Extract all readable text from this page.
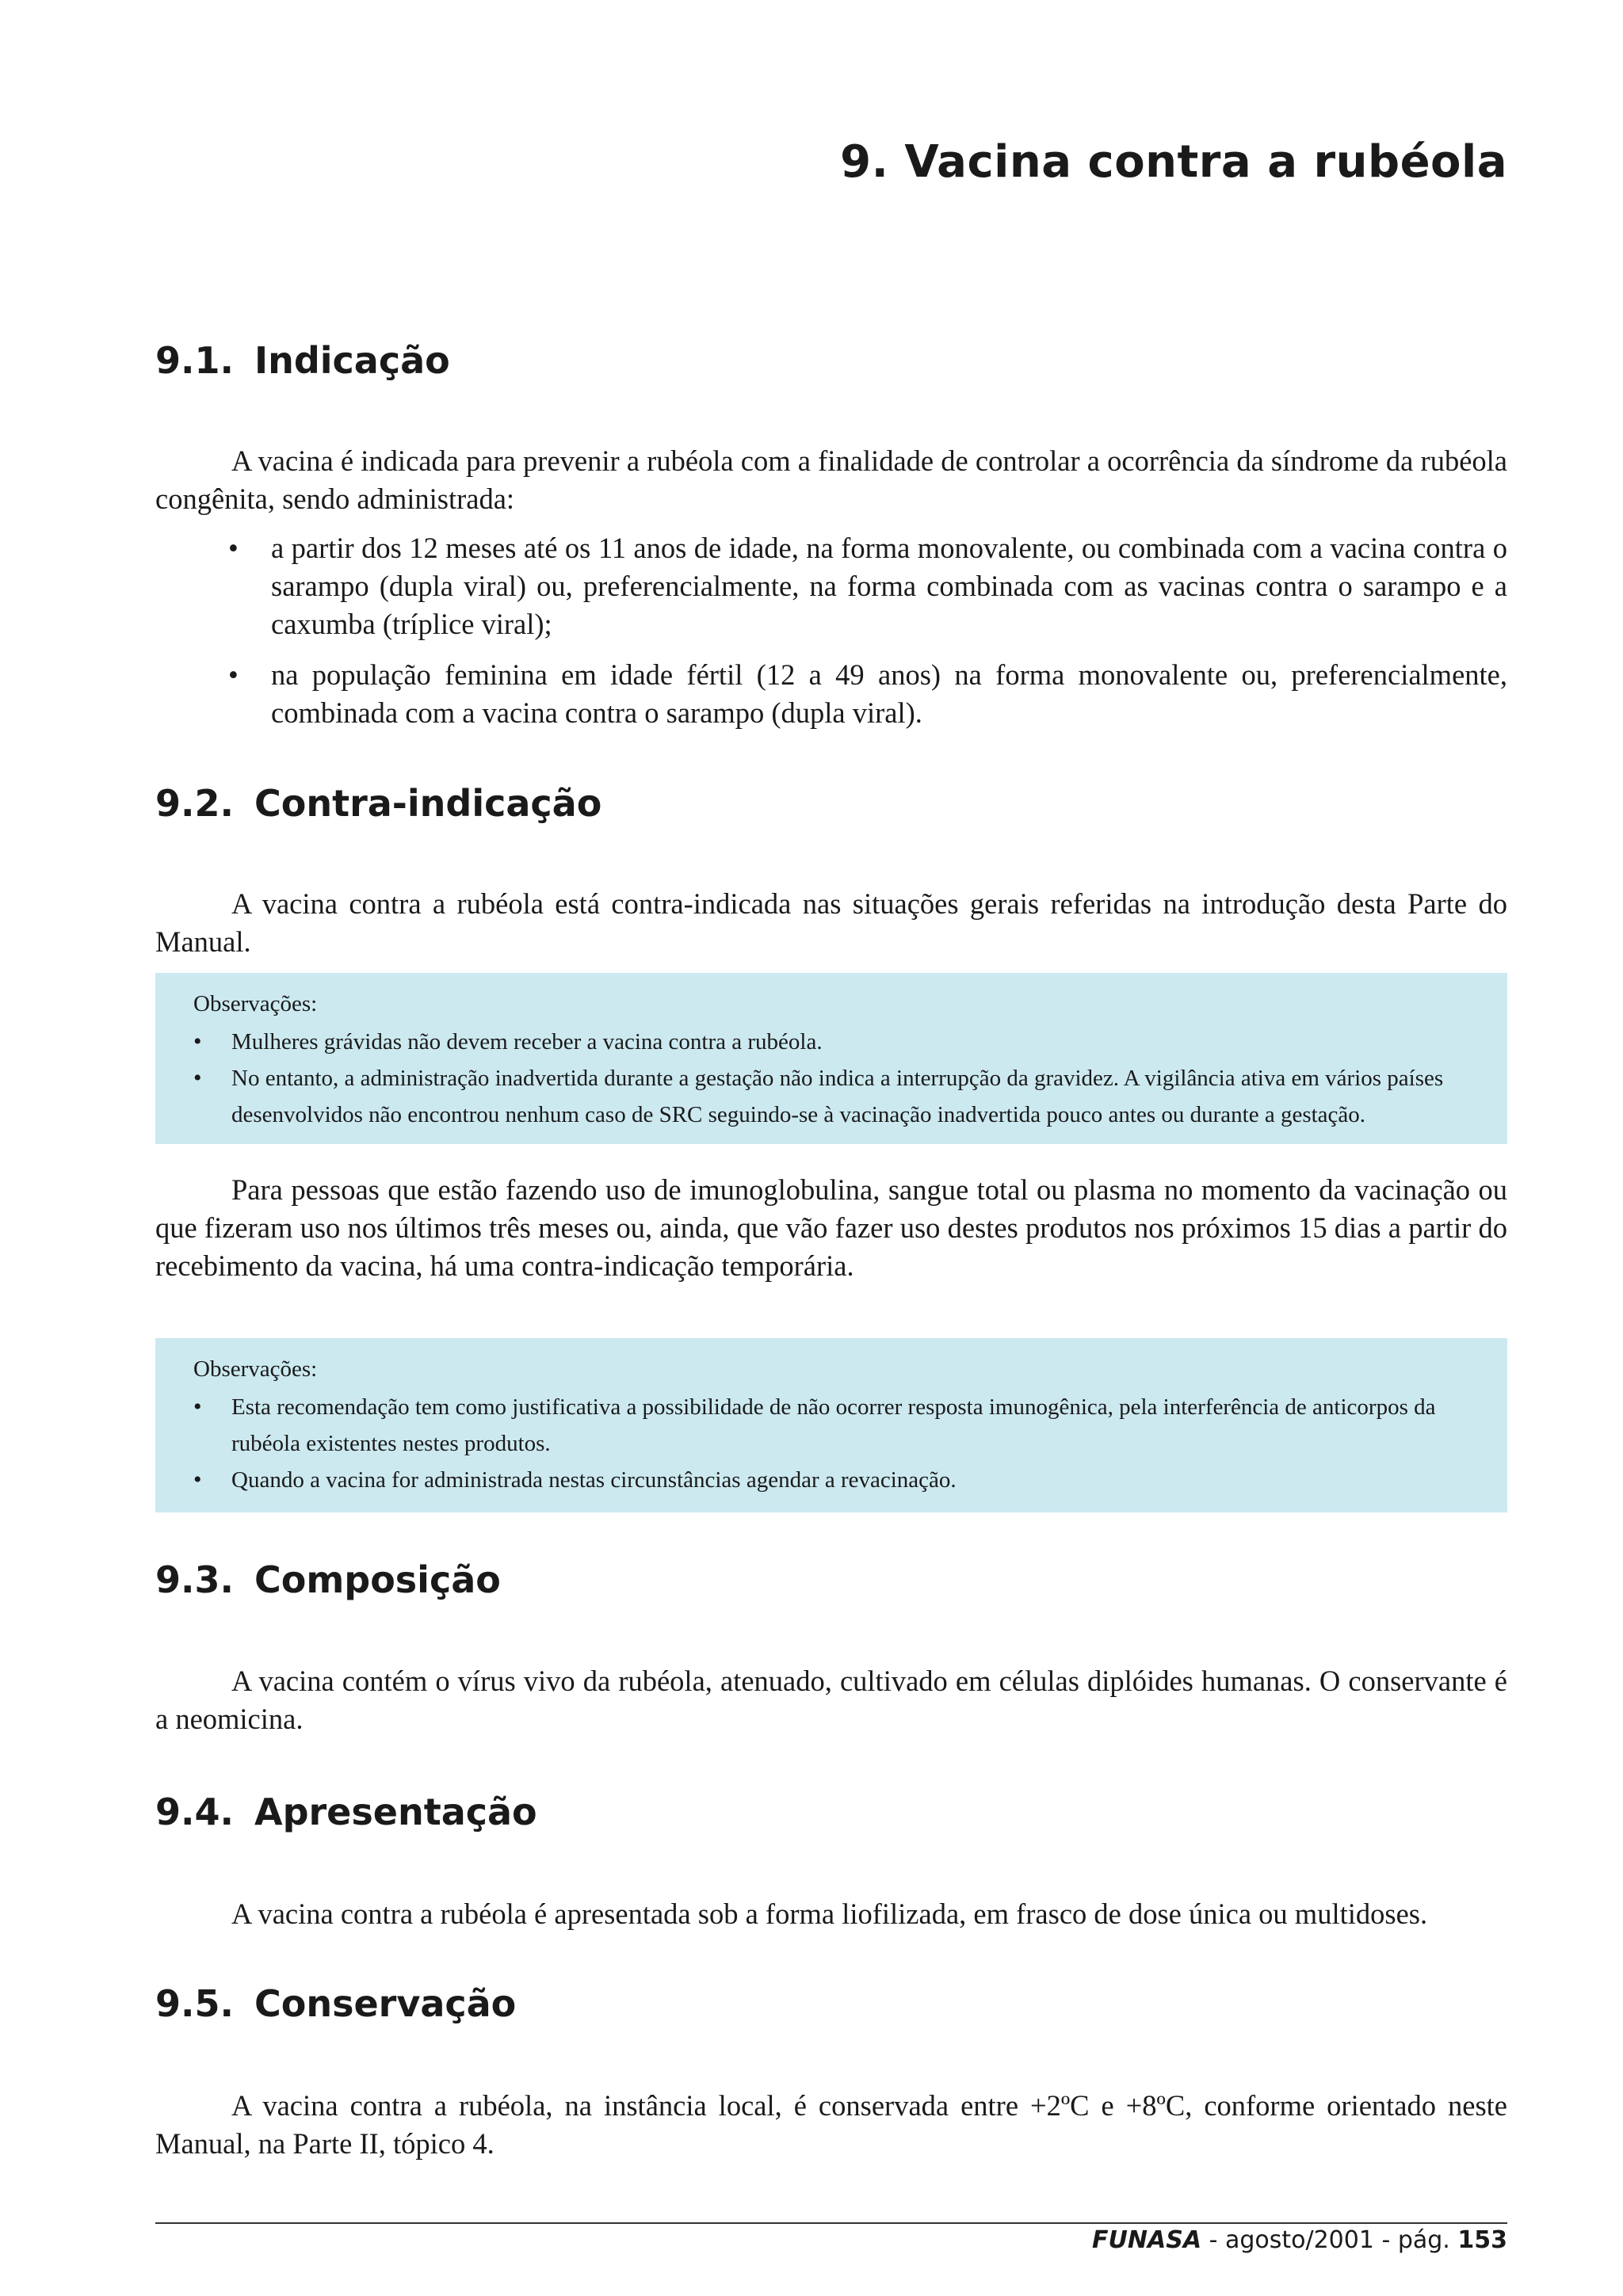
9. Vacina contra a rubéola
9.1. Indicação

A vacina é indicada para prevenir a rubéola com a finalidade de controlar a ocorrência da síndrome da rubéola congênita, sendo administrada:

• a partir dos 12 meses até os 11 anos de idade, na forma monovalente, ou combinada com a vacina contra o sarampo (dupla viral) ou, preferencialmente, na forma combinada com as vacinas contra o sarampo e a caxumba (tríplice viral);
• na população feminina em idade fértil (12 a 49 anos) na forma monovalente ou, preferencialmente, combinada com a vacina contra o sarampo (dupla viral).
9.2. Contra-indicação

A vacina contra a rubéola está contra-indicada nas situações gerais referidas na introdução desta Parte do Manual.

Observações:

• Mulheres grávidas não devem receber a vacina contra a rubéola.
• No entanto, a administração inadvertida durante a gestação não indica a interrupção da gravidez. A vigilância ativa em vários países desenvolvidos não encontrou nenhum caso de SRC seguindo-se à vacinação inadvertida pouco antes ou durante a gestação.

Para pessoas que estão fazendo uso de imunoglobulina, sangue total ou plasma no momento da vacinação ou que fizeram uso nos últimos três meses ou, ainda, que vão fazer uso destes produtos nos próximos 15 dias a partir do recebimento da vacina, há uma contra-indicação temporária.

Observações:

• Esta recomendação tem como justificativa a possibilidade de não ocorrer resposta imunogênica, pela interferência de anticorpos da rubéola existentes nestes produtos.
• Quando a vacina for administrada nestas circunstâncias agendar a revacinação.
9.3. Composição

A vacina contém o vírus vivo da rubéola, atenuado, cultivado em células diplóides humanas. O conservante é a neomicina.

9.4. Apresentação

A vacina contra a rubéola é apresentada sob a forma liofilizada, em frasco de dose única ou multidoses.

9.5. Conservação

A vacina contra a rubéola, na instância local, é conservada entre +2ºC e +8ºC, conforme orientado neste Manual, na Parte II, tópico 4.

FUNASA - agosto/2001 - pág. 153
